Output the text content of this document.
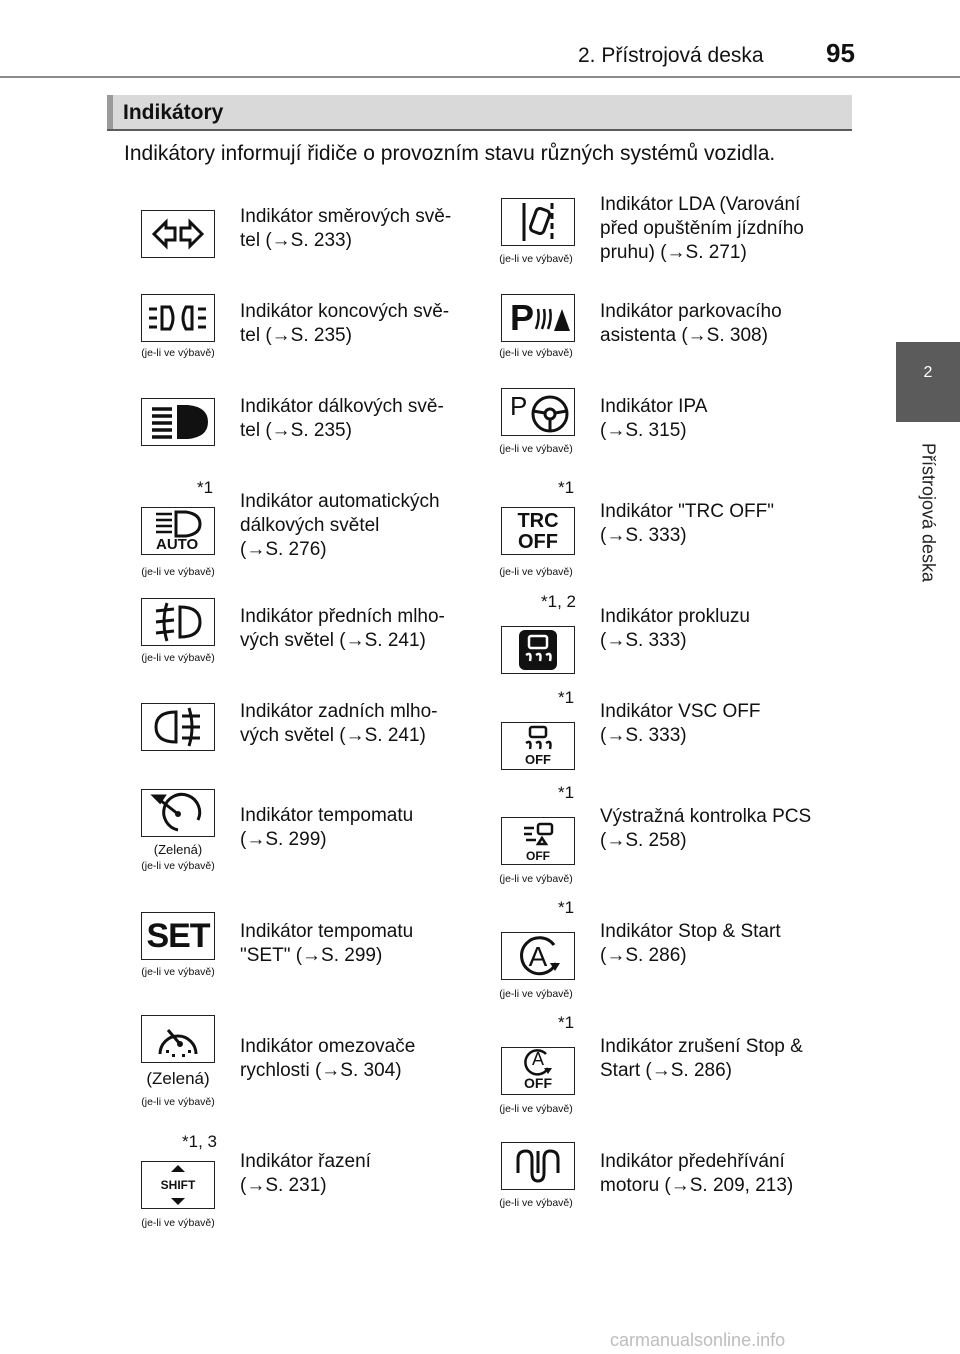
2. Přístrojová deska 95
2
Přístrojová deska
Indikátory
Indikátory informují řidiče o provozním stavu různých systémů vozidla.
Indikátor směrových svě-
tel (→S. 233)
(je-li ve výbavě)
Indikátor koncových svě-
tel (→S. 235)
Indikátor dálkových svě-
tel (→S. 235)
*1
AUTO
(je-li ve výbavě)
Indikátor automatických
dálkových světel
(→S. 276)
(je-li ve výbavě)
Indikátor předních mlho-
vých světel (→S. 241)
Indikátor zadních mlho-
vých světel (→S. 241)
(Zelená)
(je-li ve výbavě)
Indikátor tempomatu
(→S. 299)
SET
(je-li ve výbavě)
Indikátor tempomatu
"SET" (→S. 299)
(Zelená)
(je-li ve výbavě)
Indikátor omezovače
rychlosti (→S. 304)
*1, 3
SHIFT
(je-li ve výbavě)
Indikátor řazení
(→S. 231)
(je-li ve výbavě)
Indikátor LDA (Varování
před opuštěním jízdního
pruhu) (→S. 271)
P
(je-li ve výbavě)
Indikátor parkovacího
asistenta (→S. 308)
P
(je-li ve výbavě)
Indikátor IPA
(→S. 315)
*1
TRC
OFF
(je-li ve výbavě)
Indikátor "TRC OFF"
(→S. 333)
*1, 2
Indikátor prokluzu
(→S. 333)
*1
OFF
Indikátor VSC OFF
(→S. 333)
*1
OFF
(je-li ve výbavě)
Výstražná kontrolka PCS
(→S. 258)
*1
A
(je-li ve výbavě)
Indikátor Stop & Start
(→S. 286)
*1
A
OFF
(je-li ve výbavě)
Indikátor zrušení Stop &
Start (→S. 286)
(je-li ve výbavě)
Indikátor předehřívání
motoru (→S. 209, 213)
carmanualsonline.info
